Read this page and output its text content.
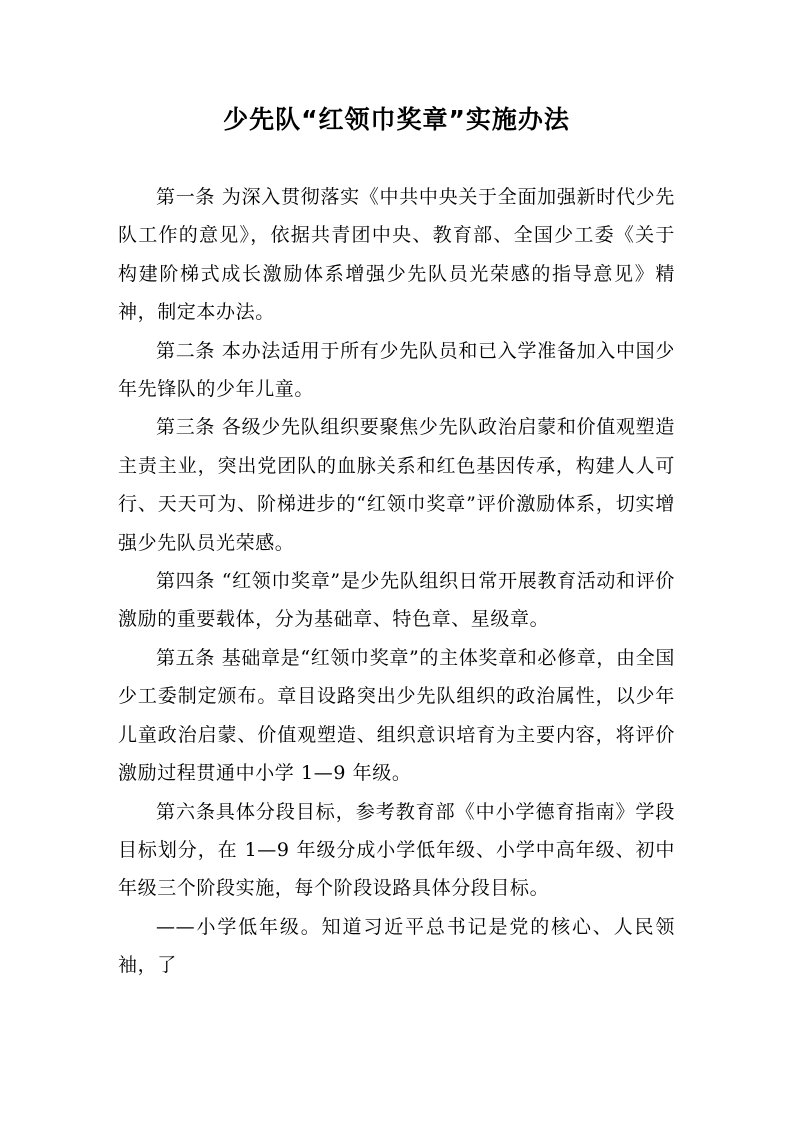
少先队“红领巾奖章”实施办法

第一条 为深入贯彻落实《中共中央关于全面加强新时代少先队工作的意见》，依据共青团中央、教育部、全国少工委《关于构建阶梯式成长激励体系增强少先队员光荣感的指导意见》精神，制定本办法。

第二条 本办法适用于所有少先队员和已入学准备加入中国少年先锋队的少年儿童。

第三条 各级少先队组织要聚焦少先队政治启蒙和价值观塑造主责主业，突出党团队的血脉关系和红色基因传承，构建人人可行、天天可为、阶梯进步的“红领巾奖章”评价激励体系，切实增强少先队员光荣感。

第四条 “红领巾奖章”是少先队组织日常开展教育活动和评价激励的重要载体，分为基础章、特色章、星级章。

第五条 基础章是“红领巾奖章”的主体奖章和必修章，由全国少工委制定颁布。章目设路突出少先队组织的政治属性，以少年儿童政治启蒙、价值观塑造、组织意识培育为主要内容，将评价激励过程贯通中小学 1—9 年级。

第六条具体分段目标，参考教育部《中小学德育指南》学段目标划分，在 1—9 年级分成小学低年级、小学中高年级、初中年级三个阶段实施，每个阶段设路具体分段目标。

——小学低年级。知道习近平总书记是党的核心、人民领袖，了
